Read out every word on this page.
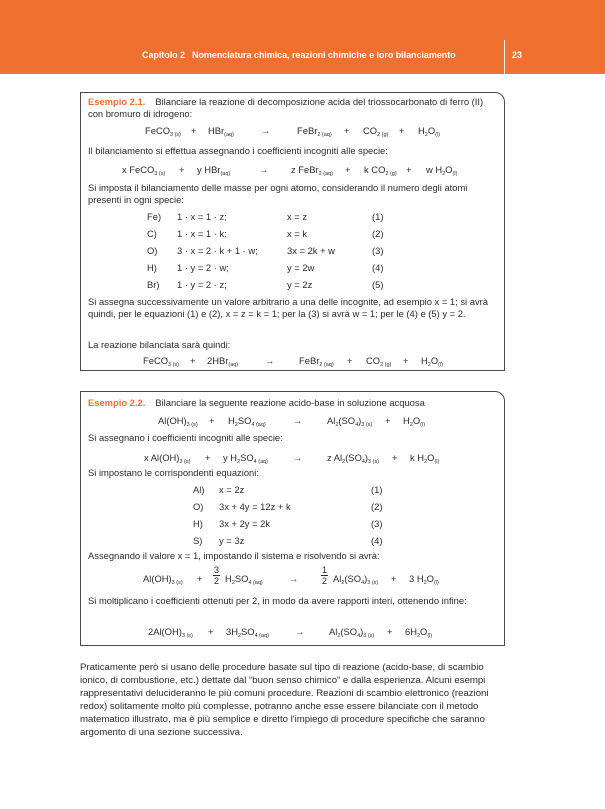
Capitolo 2 Nomenclatura chimica, reazioni chimiche e loro bilanciamento	23
Esempio 2.1. Bilanciare la reazione di decomposizione acida del triossocarbonato di ferro (II) con bromuro di idrogeno:
FeCO$_{3 (s)}$ + HBr$_{(aq)}$	→	FeBr$_{2 (aq)}$ + $CO_{2 (g)} + H_2O_{(l)}$
Il bilanciamento si effettua assegnando i coefficienti incogniti alle specie:
x FeCO$_{3 (s)}$ + y HBr$_{(aq)}$	→ z FeBr$_{2 (aq)}$ + k $CO_{2 (g)} + w$ $H_2O_{(l)}$
Si imposta il bilanciamento delle masse per ogni atomo, considerando il numero degli atomi presenti in ogni specie:
Fe) 1 · x = 1 · z;	x = z	(1)
C) 1 · x = 1 · k;	x = k	(2)
O) 3 · x = 2 · k + 1 · w;	3x = 2k + w	(3)
H) 1 · y = 2 · w;	y = 2w	(4)
Br) 1 · y = 2 · z;	y = 2z	(5)
Si assegna successivamente un valore arbitrario a una delle incognite, ad esempio x = 1; si avrà quindi, per le equazioni (1) e (2), x = z = k = 1; per la (3) si avrà w = 1; per le (4) e (5) y = 2.
La reazione bilanciata sarà quindi:
FeCO$_{3 (s)}$ + 2HBr$_{(aq)}$	→	FeBr$_{2 (aq)}$ + $CO_{2 (g)} + H_2O_{(l)}$
Esempio 2.2. Bilanciare la seguente reazione acido-base in soluzione acquosa
$Al(OH)_{3 (s)} + H_2SO_{4 (aq)}$	→	$Al_2(SO_4)_{3 (s)} + H_2O_{(l)}$
Si assegnano i coefficienti incogniti alle specie:
x $Al(OH)_{3 (s)} + y$ $H_2SO_{4 (aq)}$	→	z $Al_2(SO_4)_{3 (s)} + k$ $H_2O_{(l)}$
Si impostano le corrispondenti equazioni:
Al) x = 2z	(1)
O) 3x + 4y = 12z + k	(2)
H) 3x + 2y = 2k	(3)
S) y = 3z	(4)
Assegnando il valore x = 1, impostando il sistema e risolvendo si avrà:
$Al(OH)_{3 (s)} + \frac{3}{2} H_2SO_{4 (aq)}$	→	$\frac{1}{2} Al_2(SO_4)_{3 (s)} + 3$ $H_2O_{(l)}$
Si moltiplicano i coefficienti ottenuti per 2, in modo da avere rapporti interi, ottenendo infine:
$2Al(OH)_{3 (s)} + 3H_2SO_{4 (aq)}$	→	$Al_2(SO_4)_{3 (s)} + 6H_2O_{(l)}$
Praticamente però si usano delle procedure basate sul tipo di reazione (acido-base, di scambio ionico, di combustione, etc.) dettate dal “buon senso chimico” e dalla esperienza. Alcuni esempi rappresentativi delucideranno le più comuni procedure. Reazioni di scambio elettronico (reazioni redox) solitamente molto più complesse, potranno anche esse essere bilanciate con il metodo matematico illustrato, ma è più semplice e diretto l'impiego di procedure specifiche che saranno argomento di una sezione successiva.
